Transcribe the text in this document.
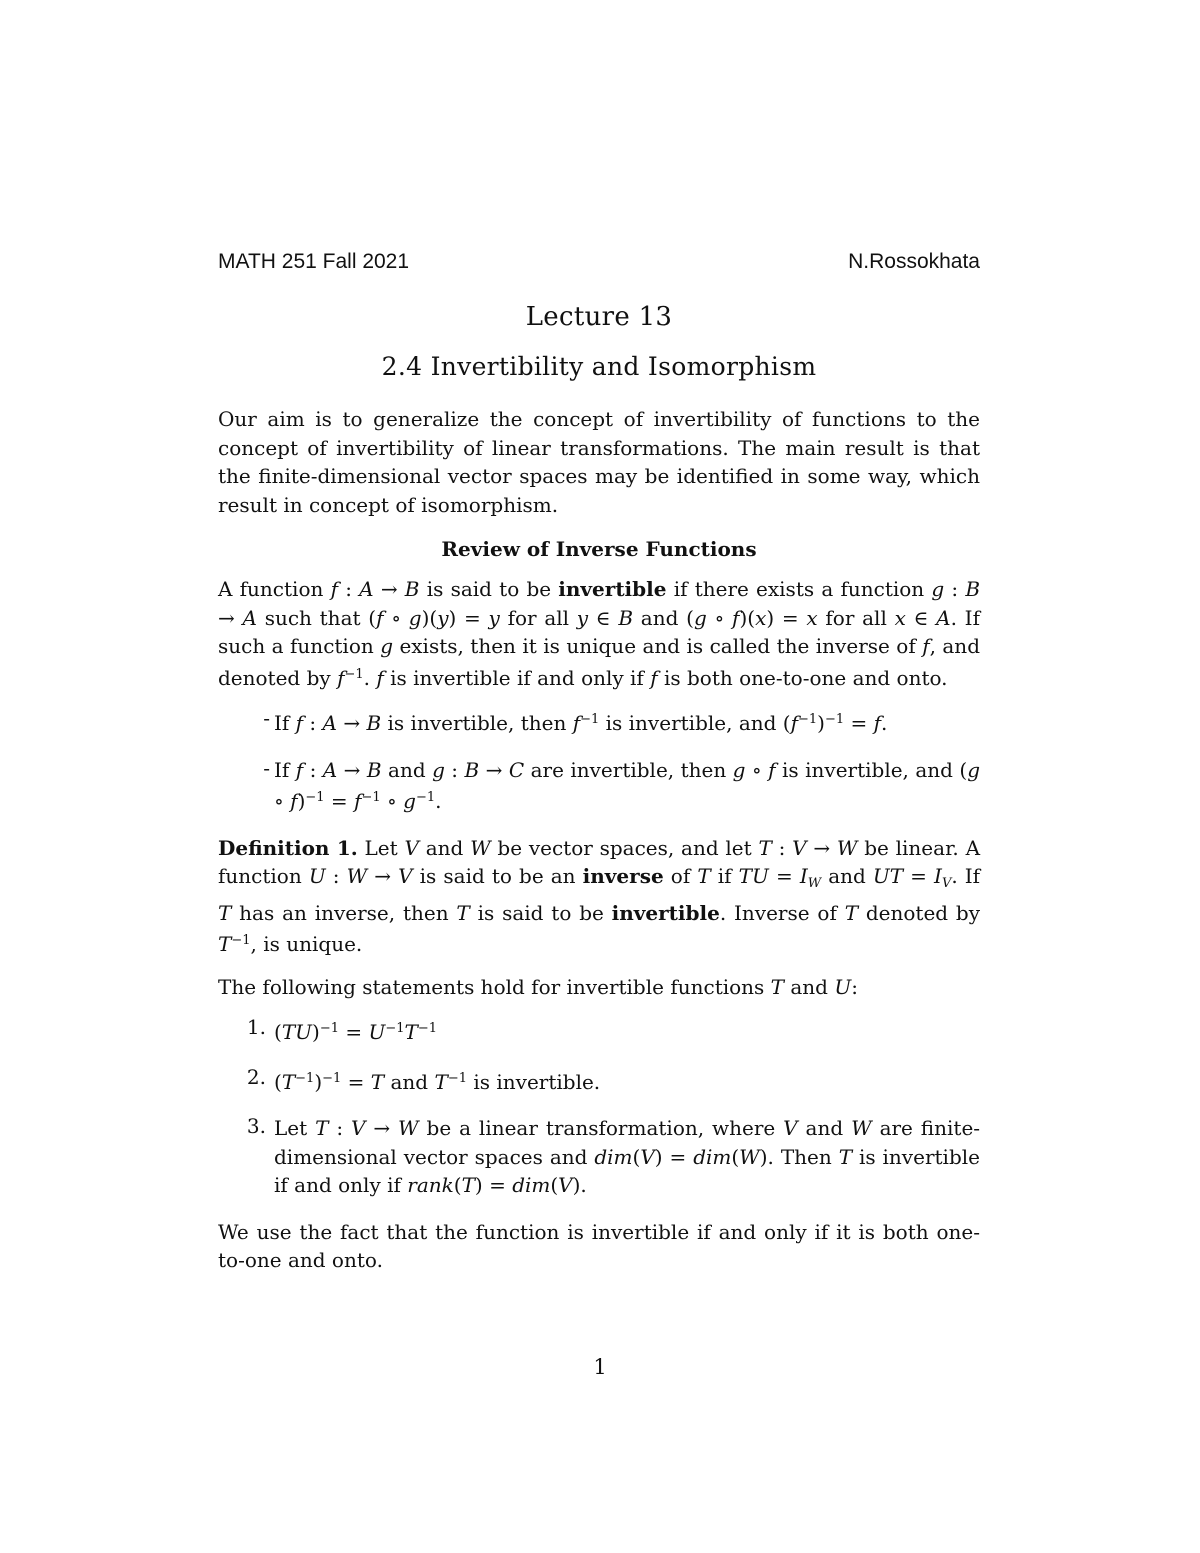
MATH 251 Fall 2021	N.Rossokhata
Lecture 13
2.4 Invertibility and Isomorphism

Our aim is to generalize the concept of invertibility of functions to the concept of invertibility of linear transformations. The main result is that the finite-dimensional vector spaces may be identified in some way, which result in concept of isomorphism.

Review of Inverse Functions

A function f : A → B is said to be invertible if there exists a function g : B → A such that (f ∘ g)(y) = y for all y ∈ B and (g ∘ f)(x) = x for all x ∈ A. If such a function g exists, then it is unique and is called the inverse of f, and denoted by $f^{-1}$. f is invertible if and only if f is both one-to-one and onto.

- If f : A → B is invertible, then $f^{-1}$ is invertible, and $(f^{-1})^{-1} = f$.
- If f : A → B and g : B → C are invertible, then g ∘ f is invertible, and (g ∘ $f)^{-1} = f^{-1}$ ∘ $g^{-1}$.

Definition 1. Let V and W be vector spaces, and let T : V → W be linear. A function U : W → V is said to be an inverse of T if TU = $I_W$ and UT = $I_V$. If T has an inverse, then T is said to be invertible. Inverse of T denoted by $T^{-1}$, is unique.

The following statements hold for invertible functions T and U:

1. $(TU)^{-1} = U^{-1}T^{-1}$
2. $(T^{-1})^{-1} = T$ and $T^{-1}$ is invertible.
3. Let T : V → W be a linear transformation, where V and W are finite-dimensional vector spaces and dim(V) = dim(W). Then T is invertible if and only if rank(T) = dim(V).

We use the fact that the function is invertible if and only if it is both one-to-one and onto.

1
